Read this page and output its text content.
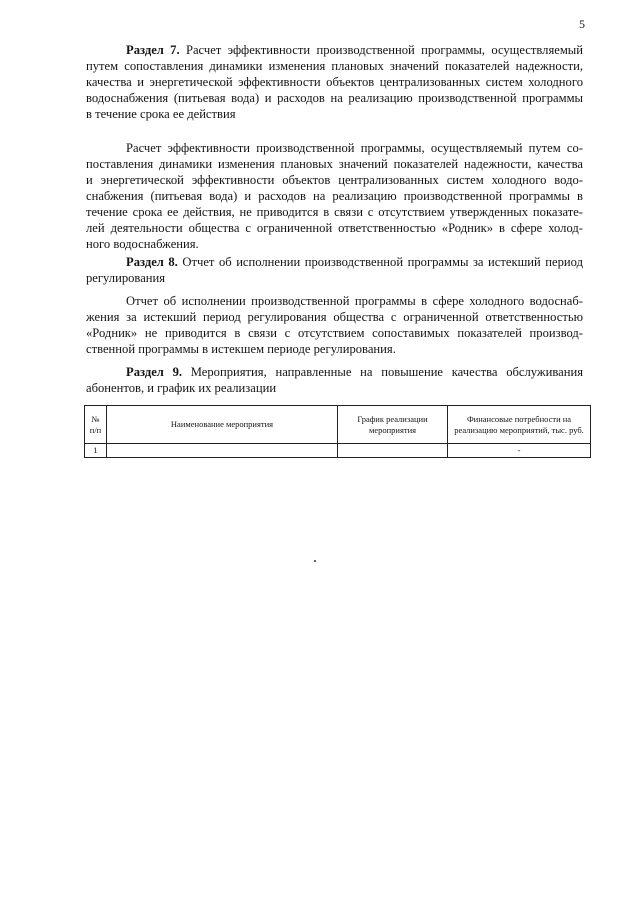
5
Раздел 7. Расчет эффективности производственной программы, осуществляемый
путем сопоставления динамики изменения плановых значений показателей надежности,
качества и энергетической эффективности объектов централизованных систем холодного
водоснабжения (питьевая вода) и расходов на реализацию производственной программы
в течение срока ее действия
Расчет эффективности производственной программы, осуществляемый путем со-
поставления динамики изменения плановых значений показателей надежности, качества
и энергетической эффективности объектов централизованных систем холодного водо-
снабжения (питьевая вода) и расходов на реализацию производственной программы в
течение срока ее действия, не приводится в связи с отсутствием утвержденных показате-
лей деятельности общества с ограниченной ответственностью «Родник» в сфере холод-
ного водоснабжения.
Раздел 8. Отчет об исполнении производственной программы за истекший период
регулирования
Отчет об исполнении производственной программы в сфере холодного водоснаб-
жения за истекший период регулирования общества с ограниченной ответственностью
«Родник» не приводится в связи с отсутствием сопоставимых показателей производ-
ственной программы в истекшем периоде регулирования.
Раздел 9. Мероприятия, направленные на повышение качества обслуживания
абонентов, и график их реализации
№ п/п	Наименование мероприятия	График реализации мероприятия	Финансовые потребности на реализацию мероприятий, тыс. руб.
1			-
